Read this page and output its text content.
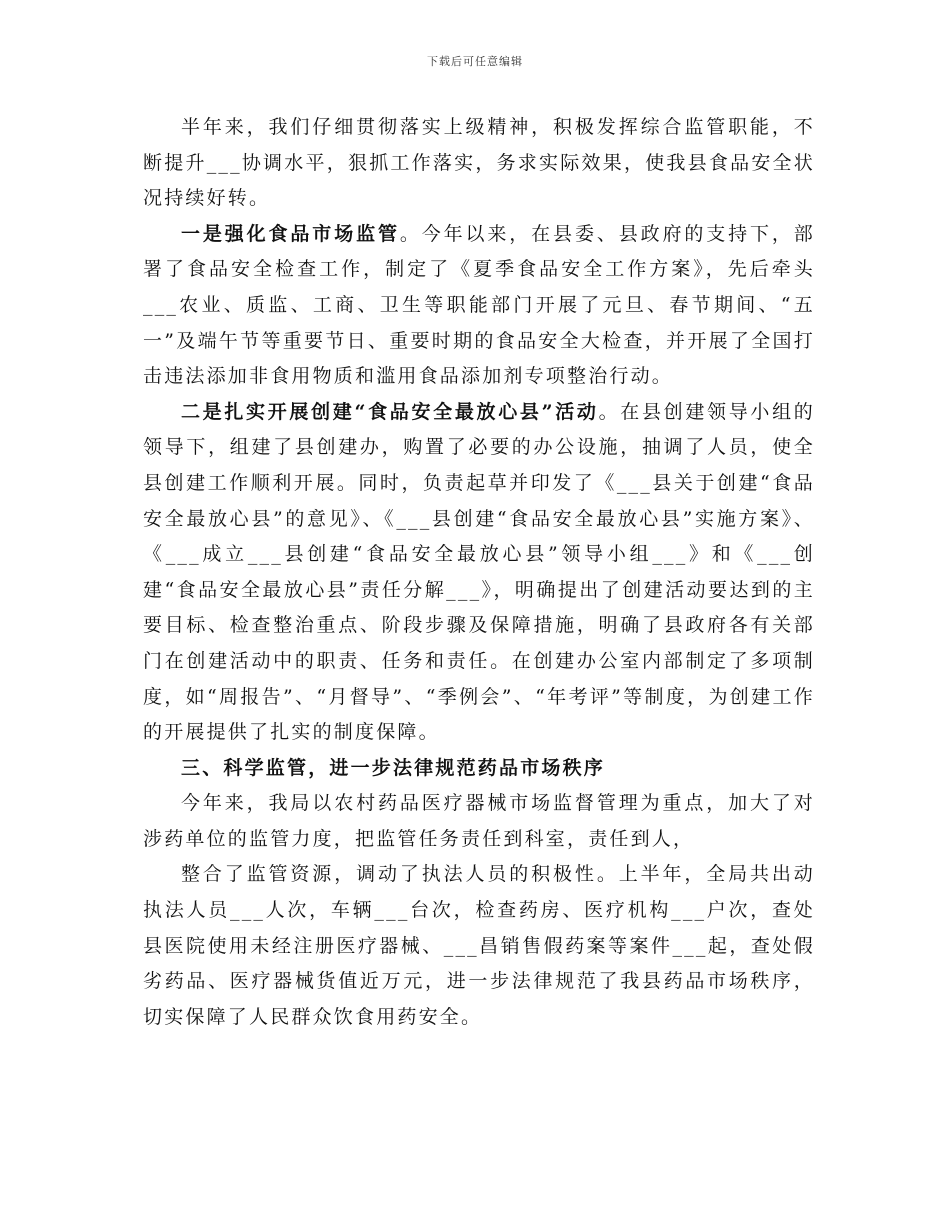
下载后可任意编辑

半年来，我们仔细贯彻落实上级精神，积极发挥综合监管职能，不断提升___协调水平，狠抓工作落实，务求实际效果，使我县食品安全状况持续好转。

一是强化食品市场监管。今年以来，在县委、县政府的支持下，部署了食品安全检查工作，制定了《夏季食品安全工作方案》，先后牵头___农业、质监、工商、卫生等职能部门开展了元旦、春节期间、“五一”及端午节等重要节日、重要时期的食品安全大检查，并开展了全国打击违法添加非食用物质和滥用食品添加剂专项整治行动。

二是扎实开展创建“食品安全最放心县”活动。在县创建领导小组的领导下，组建了县创建办，购置了必要的办公设施，抽调了人员，使全县创建工作顺利开展。同时，负责起草并印发了《___县关于创建“食品安全最放心县”的意见》、《___县创建“食品安全最放心县”实施方案》、《___成立___县创建“食品安全最放心县”领导小组___》和《___创建“食品安全最放心县”责任分解___》，明确提出了创建活动要达到的主要目标、检查整治重点、阶段步骤及保障措施，明确了县政府各有关部门在创建活动中的职责、任务和责任。在创建办公室内部制定了多项制度，如“周报告”、“月督导”、“季例会”、“年考评”等制度，为创建工作的开展提供了扎实的制度保障。

三、科学监管，进一步法律规范药品市场秩序

今年来，我局以农村药品医疗器械市场监督管理为重点，加大了对涉药单位的监管力度，把监管任务责任到科室，责任到人，

整合了监管资源，调动了执法人员的积极性。上半年，全局共出动执法人员___人次，车辆___台次，检查药房、医疗机构___户次，查处县医院使用未经注册医疗器械、___昌销售假药案等案件___起，查处假劣药品、医疗器械货值近万元，进一步法律规范了我县药品市场秩序，切实保障了人民群众饮食用药安全。
